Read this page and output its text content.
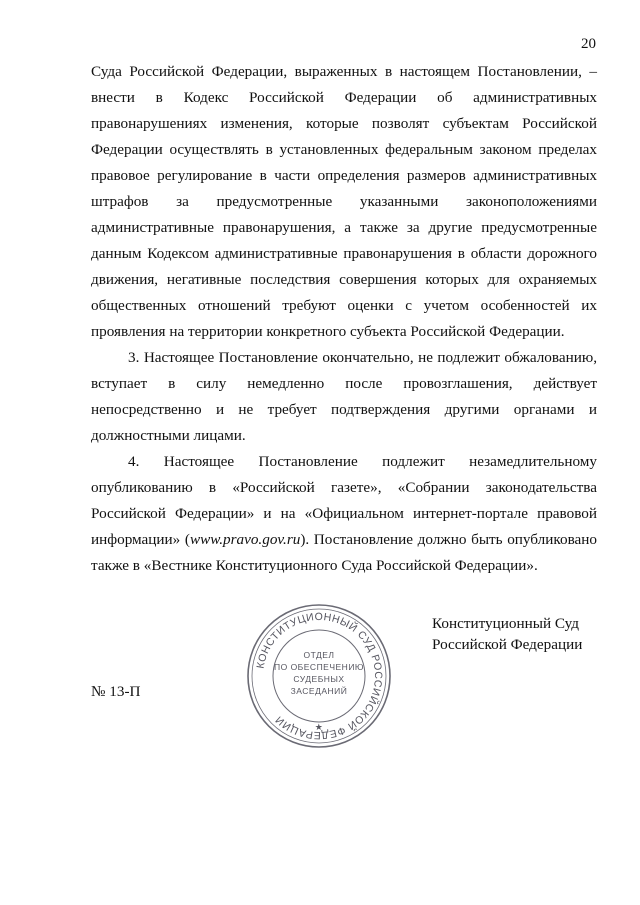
20
Суда Российской Федерации, выраженных в настоящем Постановлении, –
внести в Кодекс Российской Федерации об административных
правонарушениях изменения, которые позволят субъектам Российской
Федерации осуществлять в установленных федеральным законом пределах
правовое регулирование в части определения размеров административных
штрафов за предусмотренные указанными законоположениями
административные правонарушения, а также за другие предусмотренные
данным Кодексом административные правонарушения в области дорожного
движения, негативные последствия совершения которых для охраняемых
общественных отношений требуют оценки с учетом особенностей их
проявления на территории конкретного субъекта Российской Федерации.
3. Настоящее Постановление окончательно, не подлежит обжалованию,
вступает в силу немедленно после провозглашения, действует
непосредственно и не требует подтверждения другими органами и
должностными лицами.
4. Настоящее Постановление подлежит незамедлительному
опубликованию в «Российской газете», «Собрании законодательства
Российской Федерации» и на «Официальном интернет-портале правовой
информации» (www.pravo.gov.ru). Постановление должно быть опубликовано
также в «Вестнике Конституционного Суда Российской Федерации».
КОНСТИТУЦИОННЫЙ СУД РОССИЙСКОЙ ФЕДЕРАЦИИ
ОТДЕЛ
ПО ОБЕСПЕЧЕНИЮ
СУДЕБНЫХ
ЗАСЕДАНИЙ
★
Конституционный Суд
Российской Федерации
№ 13-П
